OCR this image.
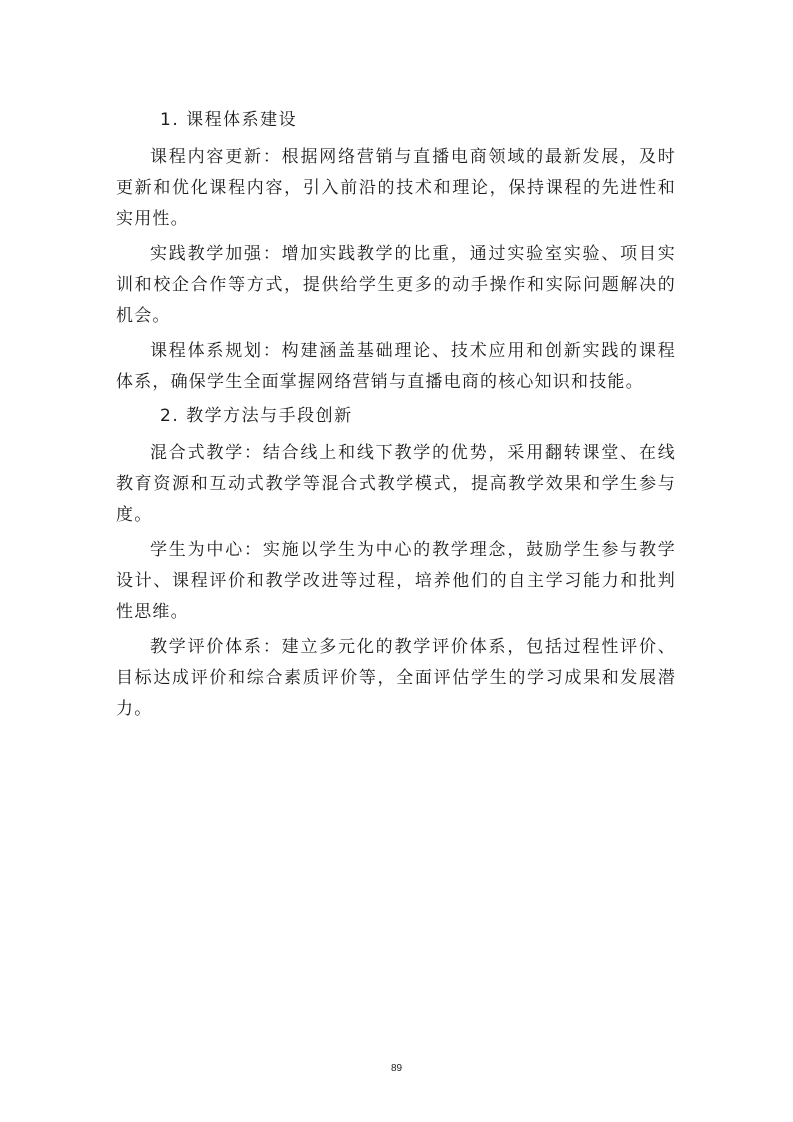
1. 课程体系建设

课程内容更新：根据网络营销与直播电商领域的最新发展，及时更新和优化课程内容，引入前沿的技术和理论，保持课程的先进性和实用性。

实践教学加强：增加实践教学的比重，通过实验室实验、项目实训和校企合作等方式，提供给学生更多的动手操作和实际问题解决的机会。

课程体系规划：构建涵盖基础理论、技术应用和创新实践的课程体系，确保学生全面掌握网络营销与直播电商的核心知识和技能。

2. 教学方法与手段创新

混合式教学：结合线上和线下教学的优势，采用翻转课堂、在线教育资源和互动式教学等混合式教学模式，提高教学效果和学生参与度。

学生为中心：实施以学生为中心的教学理念，鼓励学生参与教学设计、课程评价和教学改进等过程，培养他们的自主学习能力和批判性思维。

教学评价体系：建立多元化的教学评价体系，包括过程性评价、目标达成评价和综合素质评价等，全面评估学生的学习成果和发展潜力。

89
